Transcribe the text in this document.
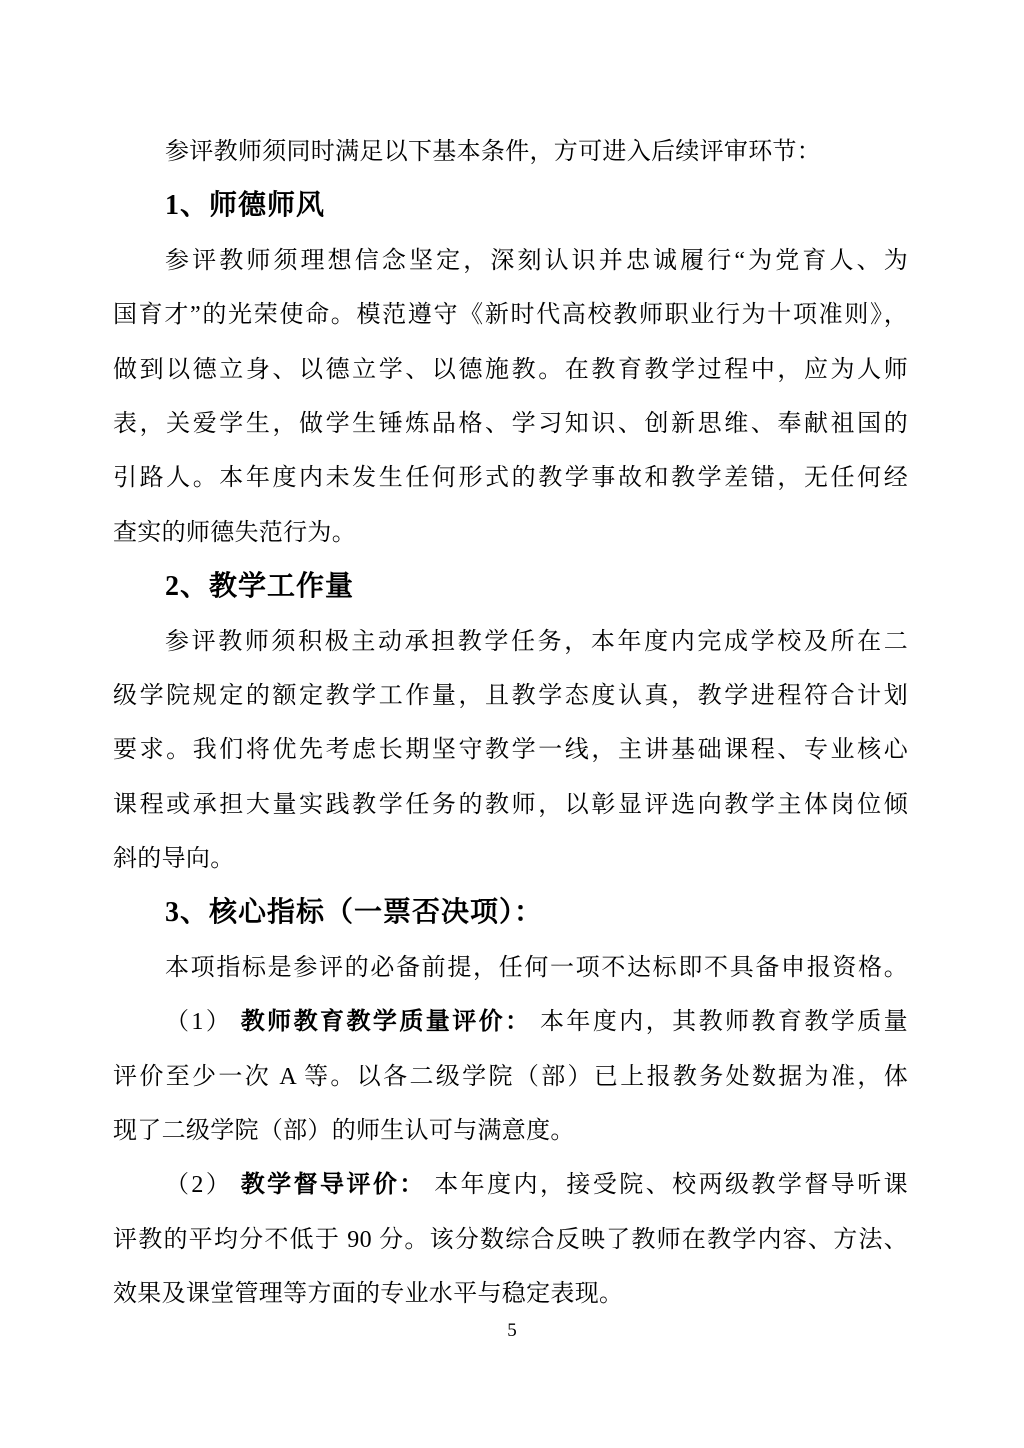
参评教师须同时满足以下基本条件，方可进入后续评审环节：
1、师德师风
参评教师须理想信念坚定，深刻认识并忠诚履行“为党育人、为
国育才”的光荣使命。模范遵守《新时代高校教师职业行为十项准则》，
做到以德立身、以德立学、以德施教。在教育教学过程中，应为人师
表，关爱学生，做学生锤炼品格、学习知识、创新思维、奉献祖国的
引路人。本年度内未发生任何形式的教学事故和教学差错，无任何经
查实的师德失范行为。
2、教学工作量
参评教师须积极主动承担教学任务，本年度内完成学校及所在二
级学院规定的额定教学工作量，且教学态度认真，教学进程符合计划
要求。我们将优先考虑长期坚守教学一线，主讲基础课程、专业核心
课程或承担大量实践教学任务的教师，以彰显评选向教学主体岗位倾
斜的导向。
3、核心指标（一票否决项）：
本项指标是参评的必备前提，任何一项不达标即不具备申报资格。
（1） 教师教育教学质量评价： 本年度内，其教师教育教学质量
评价至少一次 A 等。以各二级学院（部）已上报教务处数据为准，体
现了二级学院（部）的师生认可与满意度。
（2） 教学督导评价： 本年度内，接受院、校两级教学督导听课
评教的平均分不低于 90 分。该分数综合反映了教师在教学内容、方法、
效果及课堂管理等方面的专业水平与稳定表现。
5
